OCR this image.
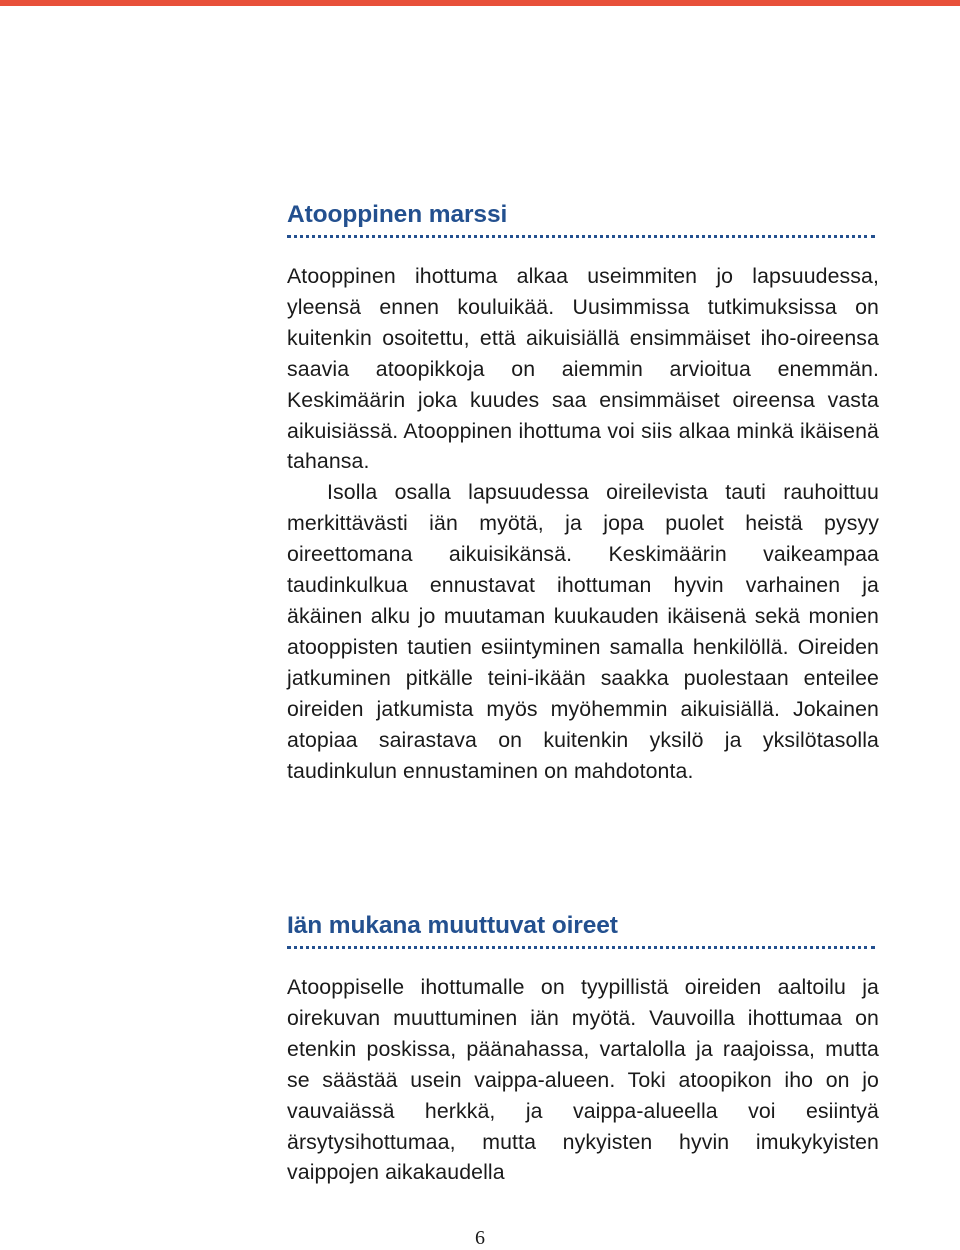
Atooppinen marssi

Atooppinen ihottuma alkaa useimmiten jo lapsuudessa, yleensä ennen kouluikää. Uusimmissa tutkimuksissa on kuitenkin osoitettu, että aikuisiällä ensimmäiset iho-oireensa saavia atoopikkoja on aiemmin arvioitua enemmän. Keskimäärin joka kuudes saa ensimmäiset oireensa vasta aikuisiässä. Atooppinen ihottuma voi siis alkaa minkä ikäisenä tahansa.

Isolla osalla lapsuudessa oireilevista tauti rauhoittuu merkittävästi iän myötä, ja jopa puolet heistä pysyy oireettomana aikuisikänsä. Keskimäärin vaikeampaa taudinkulkua ennustavat ihottuman hyvin varhainen ja äkäinen alku jo muutaman kuukauden ikäisenä sekä monien atooppisten tautien esiintyminen samalla henkilöllä. Oireiden jatkuminen pitkälle teini-ikään saakka puolestaan enteilee oireiden jatkumista myös myöhemmin aikuisiällä. Jokainen atopiaa sairastava on kuitenkin yksilö ja yksilötasolla taudinkulun ennustaminen on mahdotonta.

Iän mukana muuttuvat oireet

Atooppiselle ihottumalle on tyypillistä oireiden aaltoilu ja oirekuvan muuttuminen iän myötä. Vauvoilla ihottumaa on etenkin poskissa, päänahassa, vartalolla ja raajoissa, mutta se säästää usein vaippa-alueen. Toki atoopikon iho on jo vauvaiässä herkkä, ja vaippa-alueella voi esiintyä ärsytysihottumaa, mutta nykyisten hyvin imukykyisten vaippojen aikakaudella

6
